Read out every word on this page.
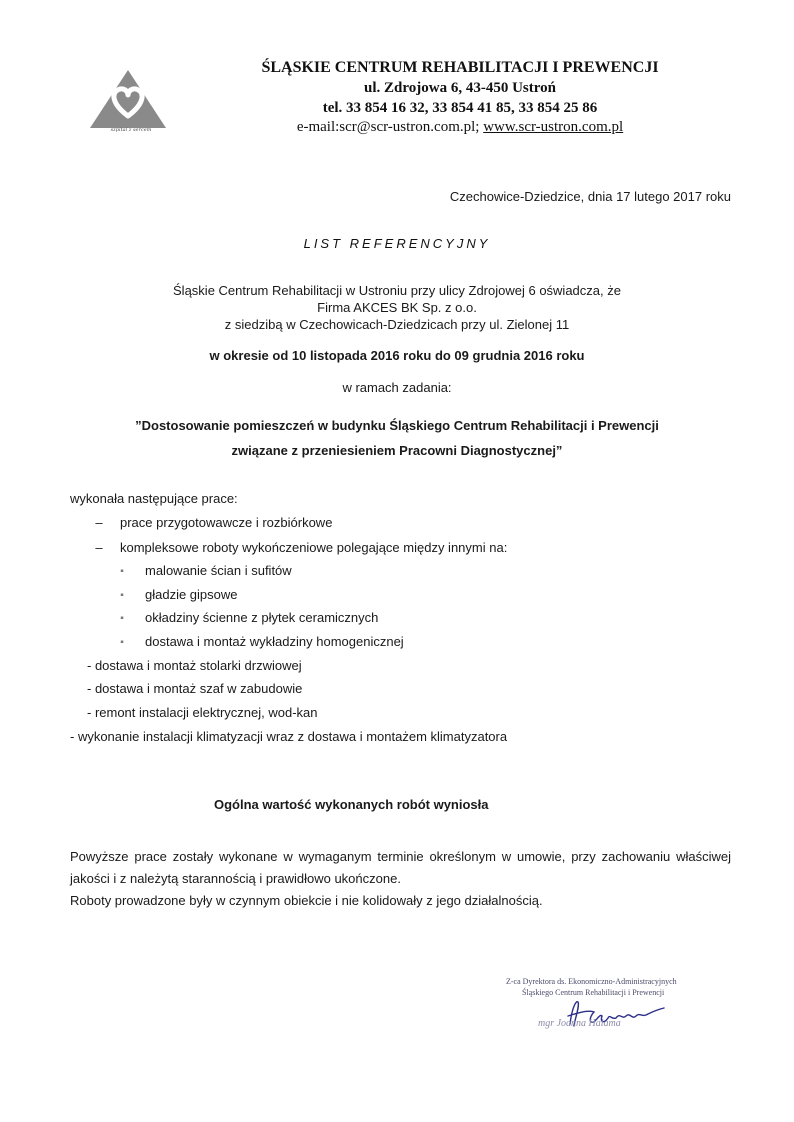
szpital z sercem
ŚLĄSKIE CENTRUM REHABILITACJI I PREWENCJI
ul. Zdrojowa 6, 43-450 Ustroń
tel. 33 854 16 32, 33 854 41 85, 33 854 25 86
e-mail:scr@scr-ustron.com.pl; www.scr-ustron.com.pl
Czechowice-Dziedzice, dnia 17 lutego 2017 roku
LIST REFERENCYJNY
Śląskie Centrum Rehabilitacji w Ustroniu przy ulicy Zdrojowej 6 oświadcza, że
Firma AKCES BK Sp. z o.o.
z siedzibą w Czechowicach-Dziedzicach przy ul. Zielonej 11
w okresie od 10 listopada 2016 roku do 09 grudnia 2016 roku
w ramach zadania:
”Dostosowanie pomieszczeń w budynku Śląskiego Centrum Rehabilitacji i Prewencji
związane z przeniesieniem Pracowni Diagnostycznej”
wykonała następujące prace:
– prace przygotowawcze i rozbiórkowe
– kompleksowe roboty wykończeniowe polegające między innymi na:
▪ malowanie ścian i sufitów
▪ gładzie gipsowe
▪ okładziny ścienne z płytek ceramicznych
▪ dostawa i montaż wykładziny homogenicznej
- dostawa i montaż stolarki drzwiowej
- dostawa i montaż szaf w zabudowie
- remont instalacji elektrycznej, wod-kan
- wykonanie instalacji klimatyzacji wraz z dostawa i montażem klimatyzatora
Ogólna wartość wykonanych robót wyniosła
Powyższe prace zostały wykonane w wymaganym terminie określonym w umowie, przy zachowaniu właściwej jakości i z należytą starannością i prawidłowo ukończone.
Roboty prowadzone były w czynnym obiekcie i nie kolidowały z jego działalnością.
Z-ca Dyrektora ds. Ekonomiczno-Administracyjnych
Śląskiego Centrum Rehabilitacji i Prewencji
mgr Joanna Halama
